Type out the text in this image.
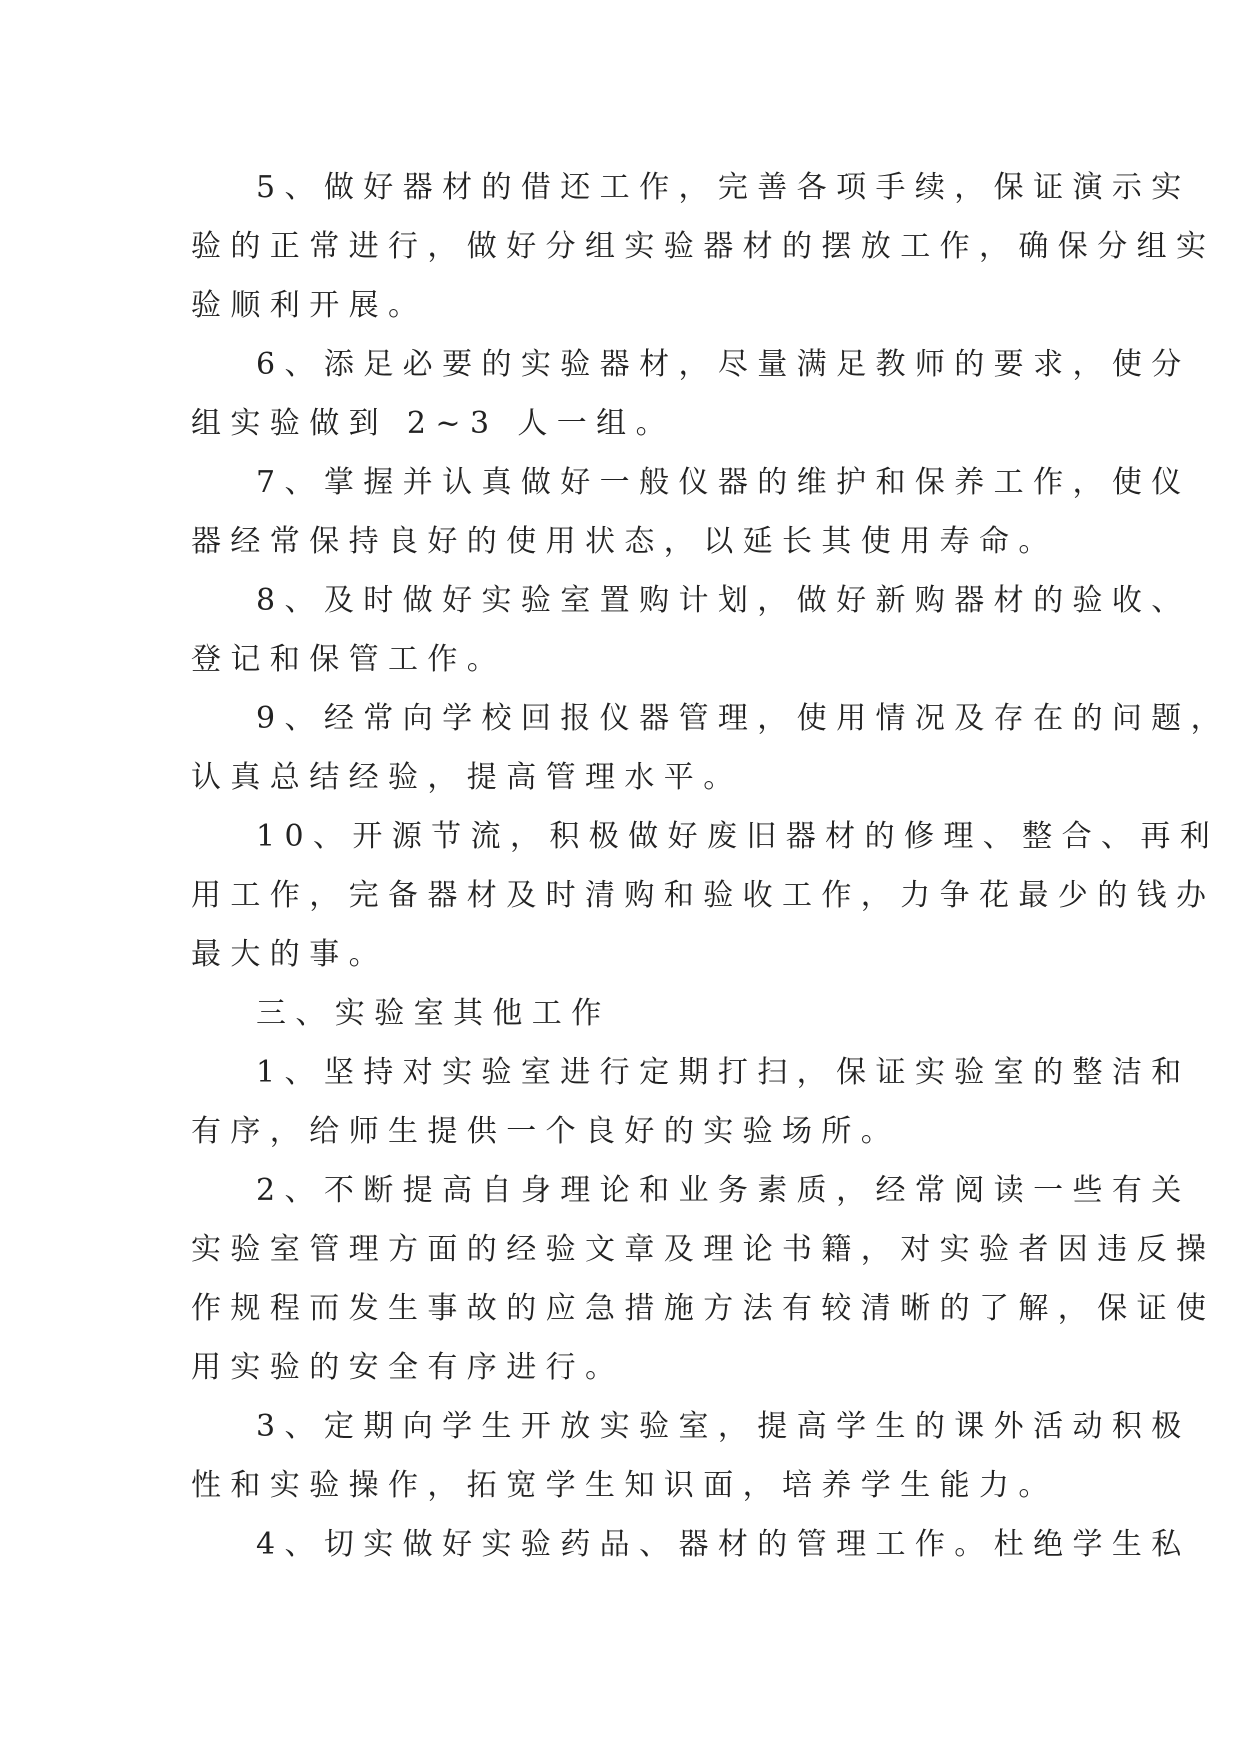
5、做好器材的借还工作，完善各项手续，保证演示实
验的正常进行，做好分组实验器材的摆放工作，确保分组实
验顺利开展。
6、添足必要的实验器材，尽量满足教师的要求，使分
组实验做到 2~3 人一组。
7、掌握并认真做好一般仪器的维护和保养工作，使仪
器经常保持良好的使用状态，以延长其使用寿命。
8、及时做好实验室置购计划，做好新购器材的验收、
登记和保管工作。
9、经常向学校回报仪器管理，使用情况及存在的问题，
认真总结经验，提高管理水平。
10、开源节流，积极做好废旧器材的修理、整合、再利
用工作，完备器材及时清购和验收工作，力争花最少的钱办
最大的事。
三、实验室其他工作
1、坚持对实验室进行定期打扫，保证实验室的整洁和
有序，给师生提供一个良好的实验场所。
2、不断提高自身理论和业务素质，经常阅读一些有关
实验室管理方面的经验文章及理论书籍，对实验者因违反操
作规程而发生事故的应急措施方法有较清晰的了解，保证使
用实验的安全有序进行。
3、定期向学生开放实验室，提高学生的课外活动积极
性和实验操作，拓宽学生知识面，培养学生能力。
4、切实做好实验药品、器材的管理工作。杜绝学生私
